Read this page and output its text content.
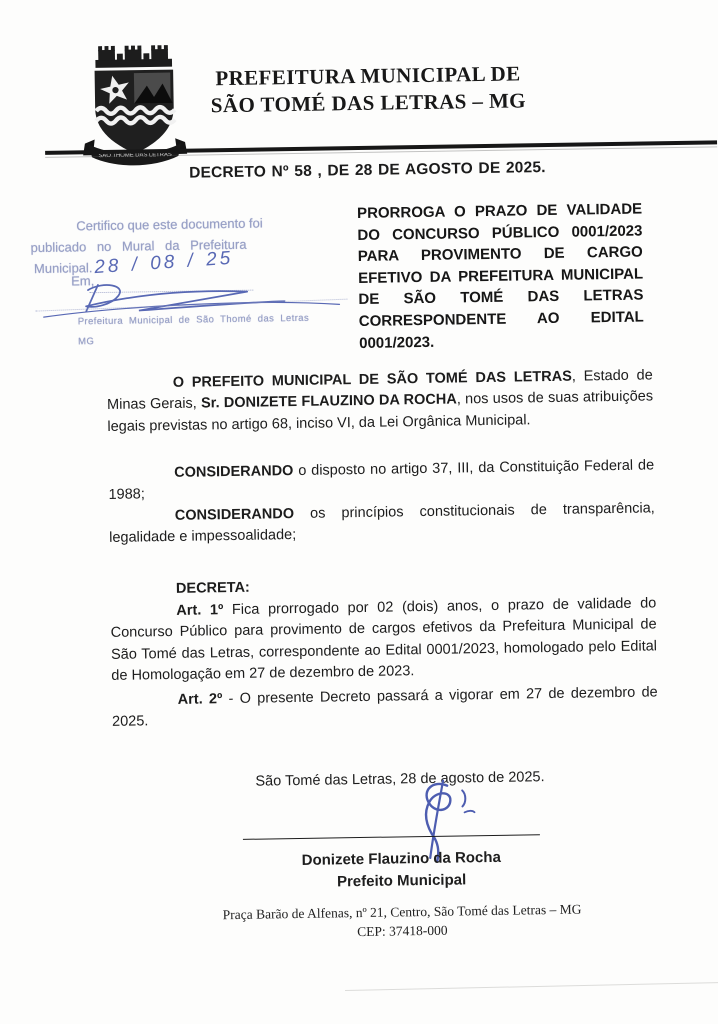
SÃO THOMÉ DAS LETRAS
PREFEITURA MUNICIPAL DE
SÃO TOMÉ DAS LETRAS – MG
DECRETO Nº 58 , DE 28 DE AGOSTO DE 2025.
Certifico que este documento foi
publicado no Mural da Prefeitura
Municipal.
Em,
28 / 08 / 25
Prefeitura Municipal de São Thomé das Letras MG
PRORROGA O PRAZO DE VALIDADE DO CONCURSO PÚBLICO 0001/2023 PARA PROVIMENTO DE CARGO EFETIVO DA PREFEITURA MUNICIPAL DE SÃO TOMÉ DAS LETRAS CORRESPONDENTE AO EDITAL 0001/2023.

O PREFEITO MUNICIPAL DE SÃO TOMÉ DAS LETRAS, Estado de Minas Gerais, Sr. DONIZETE FLAUZINO DA ROCHA, nos usos de suas atribuições legais previstas no artigo 68, inciso VI, da Lei Orgânica Municipal.

CONSIDERANDO o disposto no artigo 37, III, da Constituição Federal de 1988;

CONSIDERANDO os princípios constitucionais de transparência, legalidade e impessoalidade;

DECRETA:

Art. 1º Fica prorrogado por 02 (dois) anos, o prazo de validade do Concurso Público para provimento de cargos efetivos da Prefeitura Municipal de São Tomé das Letras, correspondente ao Edital 0001/2023, homologado pelo Edital de Homologação em 27 de dezembro de 2023.

Art. 2º - O presente Decreto passará a vigorar em 27 de dezembro de 2025.

São Tomé das Letras, 28 de agosto de 2025.
Donizete Flauzino da Rocha
Prefeito Municipal
Praça Barão de Alfenas, nº 21, Centro, São Tomé das Letras – MG
CEP: 37418-000
